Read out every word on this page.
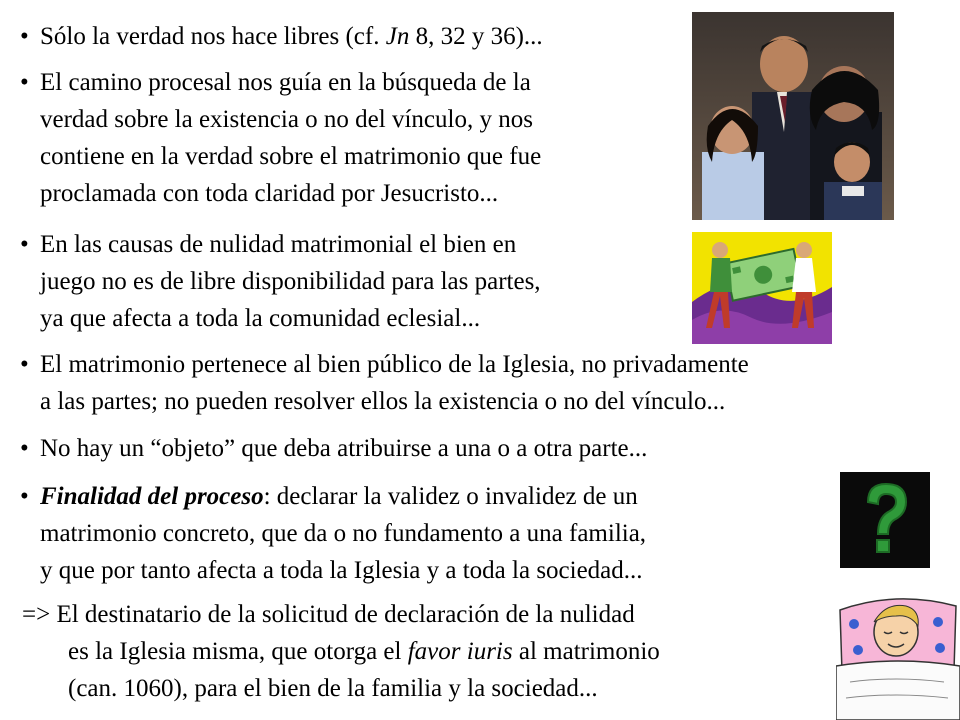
• Sólo la verdad nos hace libres (cf. Jn 8, 32 y 36)...

• El camino procesal nos guía en la búsqueda de la
verdad sobre la existencia o no del vínculo, y nos
contiene en la verdad sobre el matrimonio que fue
proclamada con toda claridad por Jesucristo...

• En las causas de nulidad matrimonial el bien en
juego no es de libre disponibilidad para las partes,
ya que afecta a toda la comunidad eclesial...

• El matrimonio pertenece al bien público de la Iglesia, no privadamente
a las partes; no pueden resolver ellos la existencia o no del vínculo...

• No hay un “objeto” que deba atribuirse a una o a otra parte...

• Finalidad del proceso: declarar la validez o invalidez de un
matrimonio concreto, que da o no fundamento a una familia,
y que por tanto afecta a toda la Iglesia y a toda la sociedad...

=> El destinatario de la solicitud de declaración de la nulidad
es la Iglesia misma, que otorga el favor iuris al matrimonio
(can. 1060), para el bien de la familia y la sociedad...
